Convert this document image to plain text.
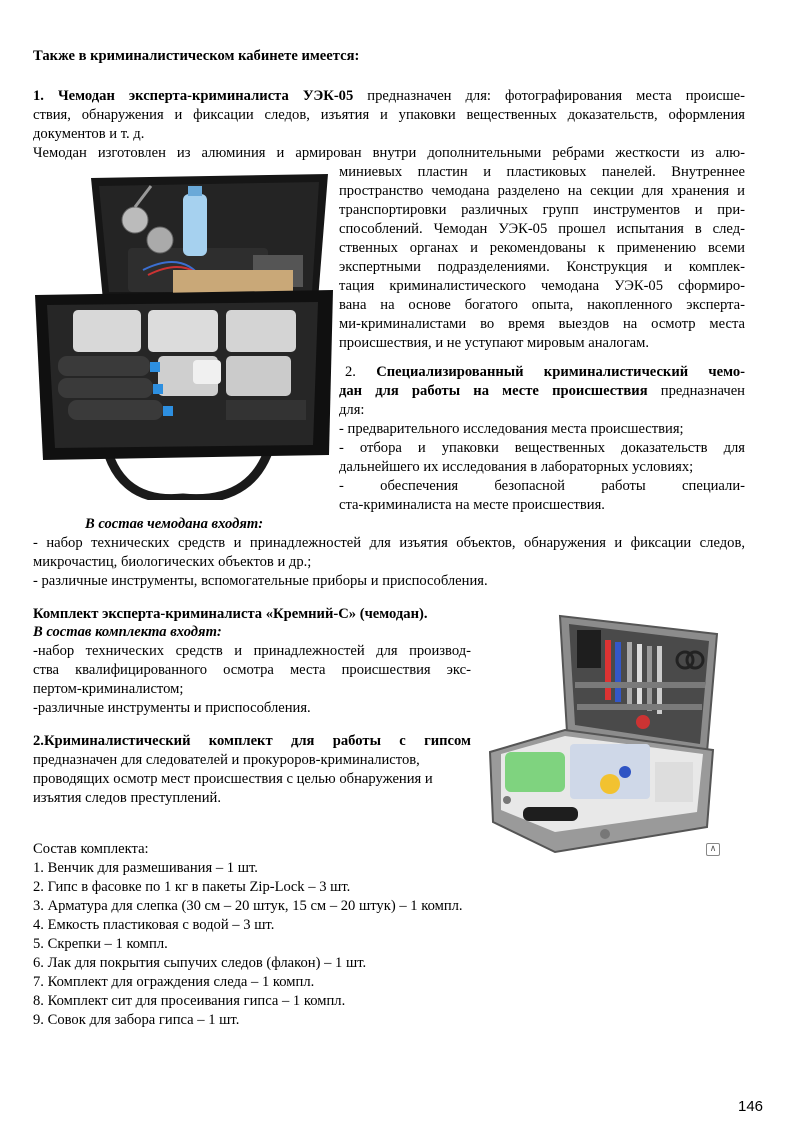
Также в криминалистическом кабинете имеется:
1. Чемодан эксперта-криминалиста УЭК-05 предназначен для: фотографирования места происше-
ствия, обнаружения и фиксации следов, изъятия и упаковки вещественных доказательств, оформления
документов и т. д.
Чемодан изготовлен из алюминия и армирован внутри дополнительными ребрами жесткости из алю-
миниевых пластин и пластиковых панелей. Внутреннее
пространство чемодана разделено на секции для хранения и
транспортировки различных групп инструментов и при-
способлений. Чемодан УЭК-05 прошел испытания в след-
ственных органах и рекомендованы к применению всеми
экспертными подразделениями. Конструкция и комплек-
тация криминалистического чемодана УЭК-05 сформиро-
вана на основе богатого опыта, накопленного эксперта-
ми-криминалистами во время выездов на осмотр места
происшествия, и не уступают мировым аналогам.
2. Специализированный криминалистический чемо-
дан для работы на месте происшествия предназначен
для:
- предварительного исследования места происшествия;
- отбора и упаковки вещественных доказательств для
дальнейшего их исследования в лабораторных условиях;
- обеспечения безопасной работы специали-
ста-криминалиста на месте происшествия.
В состав чемодана входят:
- набор технических средств и принадлежностей для изъятия объектов, обнаружения и фиксации следов,
микрочастиц, биологических объектов и др.;
- различные инструменты, вспомогательные приборы и приспособления.
Комплект эксперта-криминалиста «Кремний-С» (чемодан).
В состав комплекта входят:
-набор технических средств и принадлежностей для производ-
ства квалифицированного осмотра места происшествия экс-
пертом-криминалистом;
-различные инструменты и приспособления.
2.Криминалистический комплект для работы с гипсом
предназначен для следователей и прокуроров-криминалистов,
проводящих осмотр мест происшествия с целью обнаружения и
изъятия следов преступлений.
∧
Состав комплекта:
1. Венчик для размешивания – 1 шт.
2. Гипс в фасовке по 1 кг в пакеты Zip-Lock – 3 шт.
3. Арматура для слепка (30 см – 20 штук, 15 см – 20 штук) – 1 компл.
4. Емкость пластиковая с водой – 3 шт.
5. Скрепки – 1 компл.
6. Лак для покрытия сыпучих следов (флакон) – 1 шт.
7. Комплект для ограждения следа – 1 компл.
8. Комплект сит для просеивания гипса – 1 компл.
9. Совок для забора гипса – 1 шт.
146
